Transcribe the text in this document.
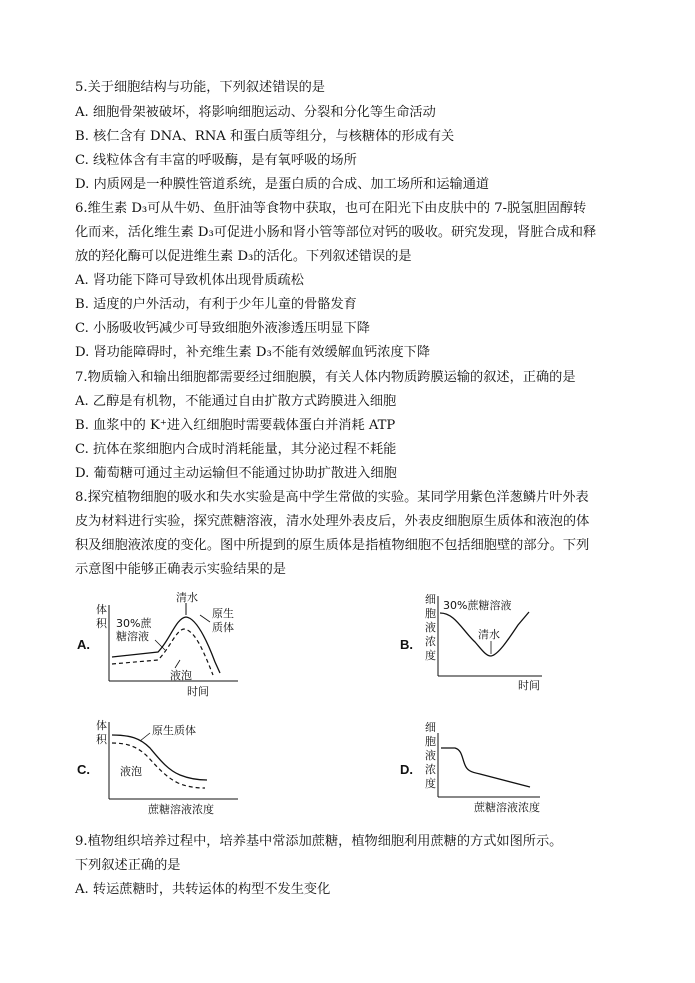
5.关于细胞结构与功能，下列叙述错误的是
A. 细胞骨架被破坏，将影响细胞运动、分裂和分化等生命活动
B. 核仁含有 DNA、RNA 和蛋白质等组分，与核糖体的形成有关
C. 线粒体含有丰富的呼吸酶，是有氧呼吸的场所
D. 内质网是一种膜性管道系统，是蛋白质的合成、加工场所和运输通道
6.维生素 D₃可从牛奶、鱼肝油等食物中获取，也可在阳光下由皮肤中的 7-脱氢胆固醇转
化而来，活化维生素 D₃可促进小肠和肾小管等部位对钙的吸收。研究发现，肾脏合成和释
放的羟化酶可以促进维生素 D₃的活化。下列叙述错误的是
A. 肾功能下降可导致机体出现骨质疏松
B. 适度的户外活动，有利于少年儿童的骨骼发育
C. 小肠吸收钙减少可导致细胞外液渗透压明显下降
D. 肾功能障碍时，补充维生素 D₃不能有效缓解血钙浓度下降
7.物质输入和输出细胞都需要经过细胞膜，有关人体内物质跨膜运输的叙述，正确的是
A. 乙醇是有机物，不能通过自由扩散方式跨膜进入细胞
B. 血浆中的 K⁺进入红细胞时需要载体蛋白并消耗 ATP
C. 抗体在浆细胞内合成时消耗能量，其分泌过程不耗能
D. 葡萄糖可通过主动运输但不能通过协助扩散进入细胞
8.探究植物细胞的吸水和失水实验是高中学生常做的实验。某同学用紫色洋葱鳞片叶外表
皮为材料进行实验，探究蔗糖溶液，清水处理外表皮后，外表皮细胞原生质体和液泡的体
积及细胞液浓度的变化。图中所提到的原生质体是指植物细胞不包括细胞壁的部分。下列
示意图中能够正确表示实验结果的是
A.
体
积 30%蔗
糖溶液
清水
原生
质体
液泡
时间
B.
细
胞
液
浓
度
30%蔗糖溶液
清水
时间
C.
体
积
原生质体
液泡
蔗糖溶液浓度
D.
细
胞
液
浓
度
蔗糖溶液浓度
9.植物组织培养过程中，培养基中常添加蔗糖，植物细胞利用蔗糖的方式如图所示。
下列叙述正确的是
A. 转运蔗糖时，共转运体的构型不发生变化
